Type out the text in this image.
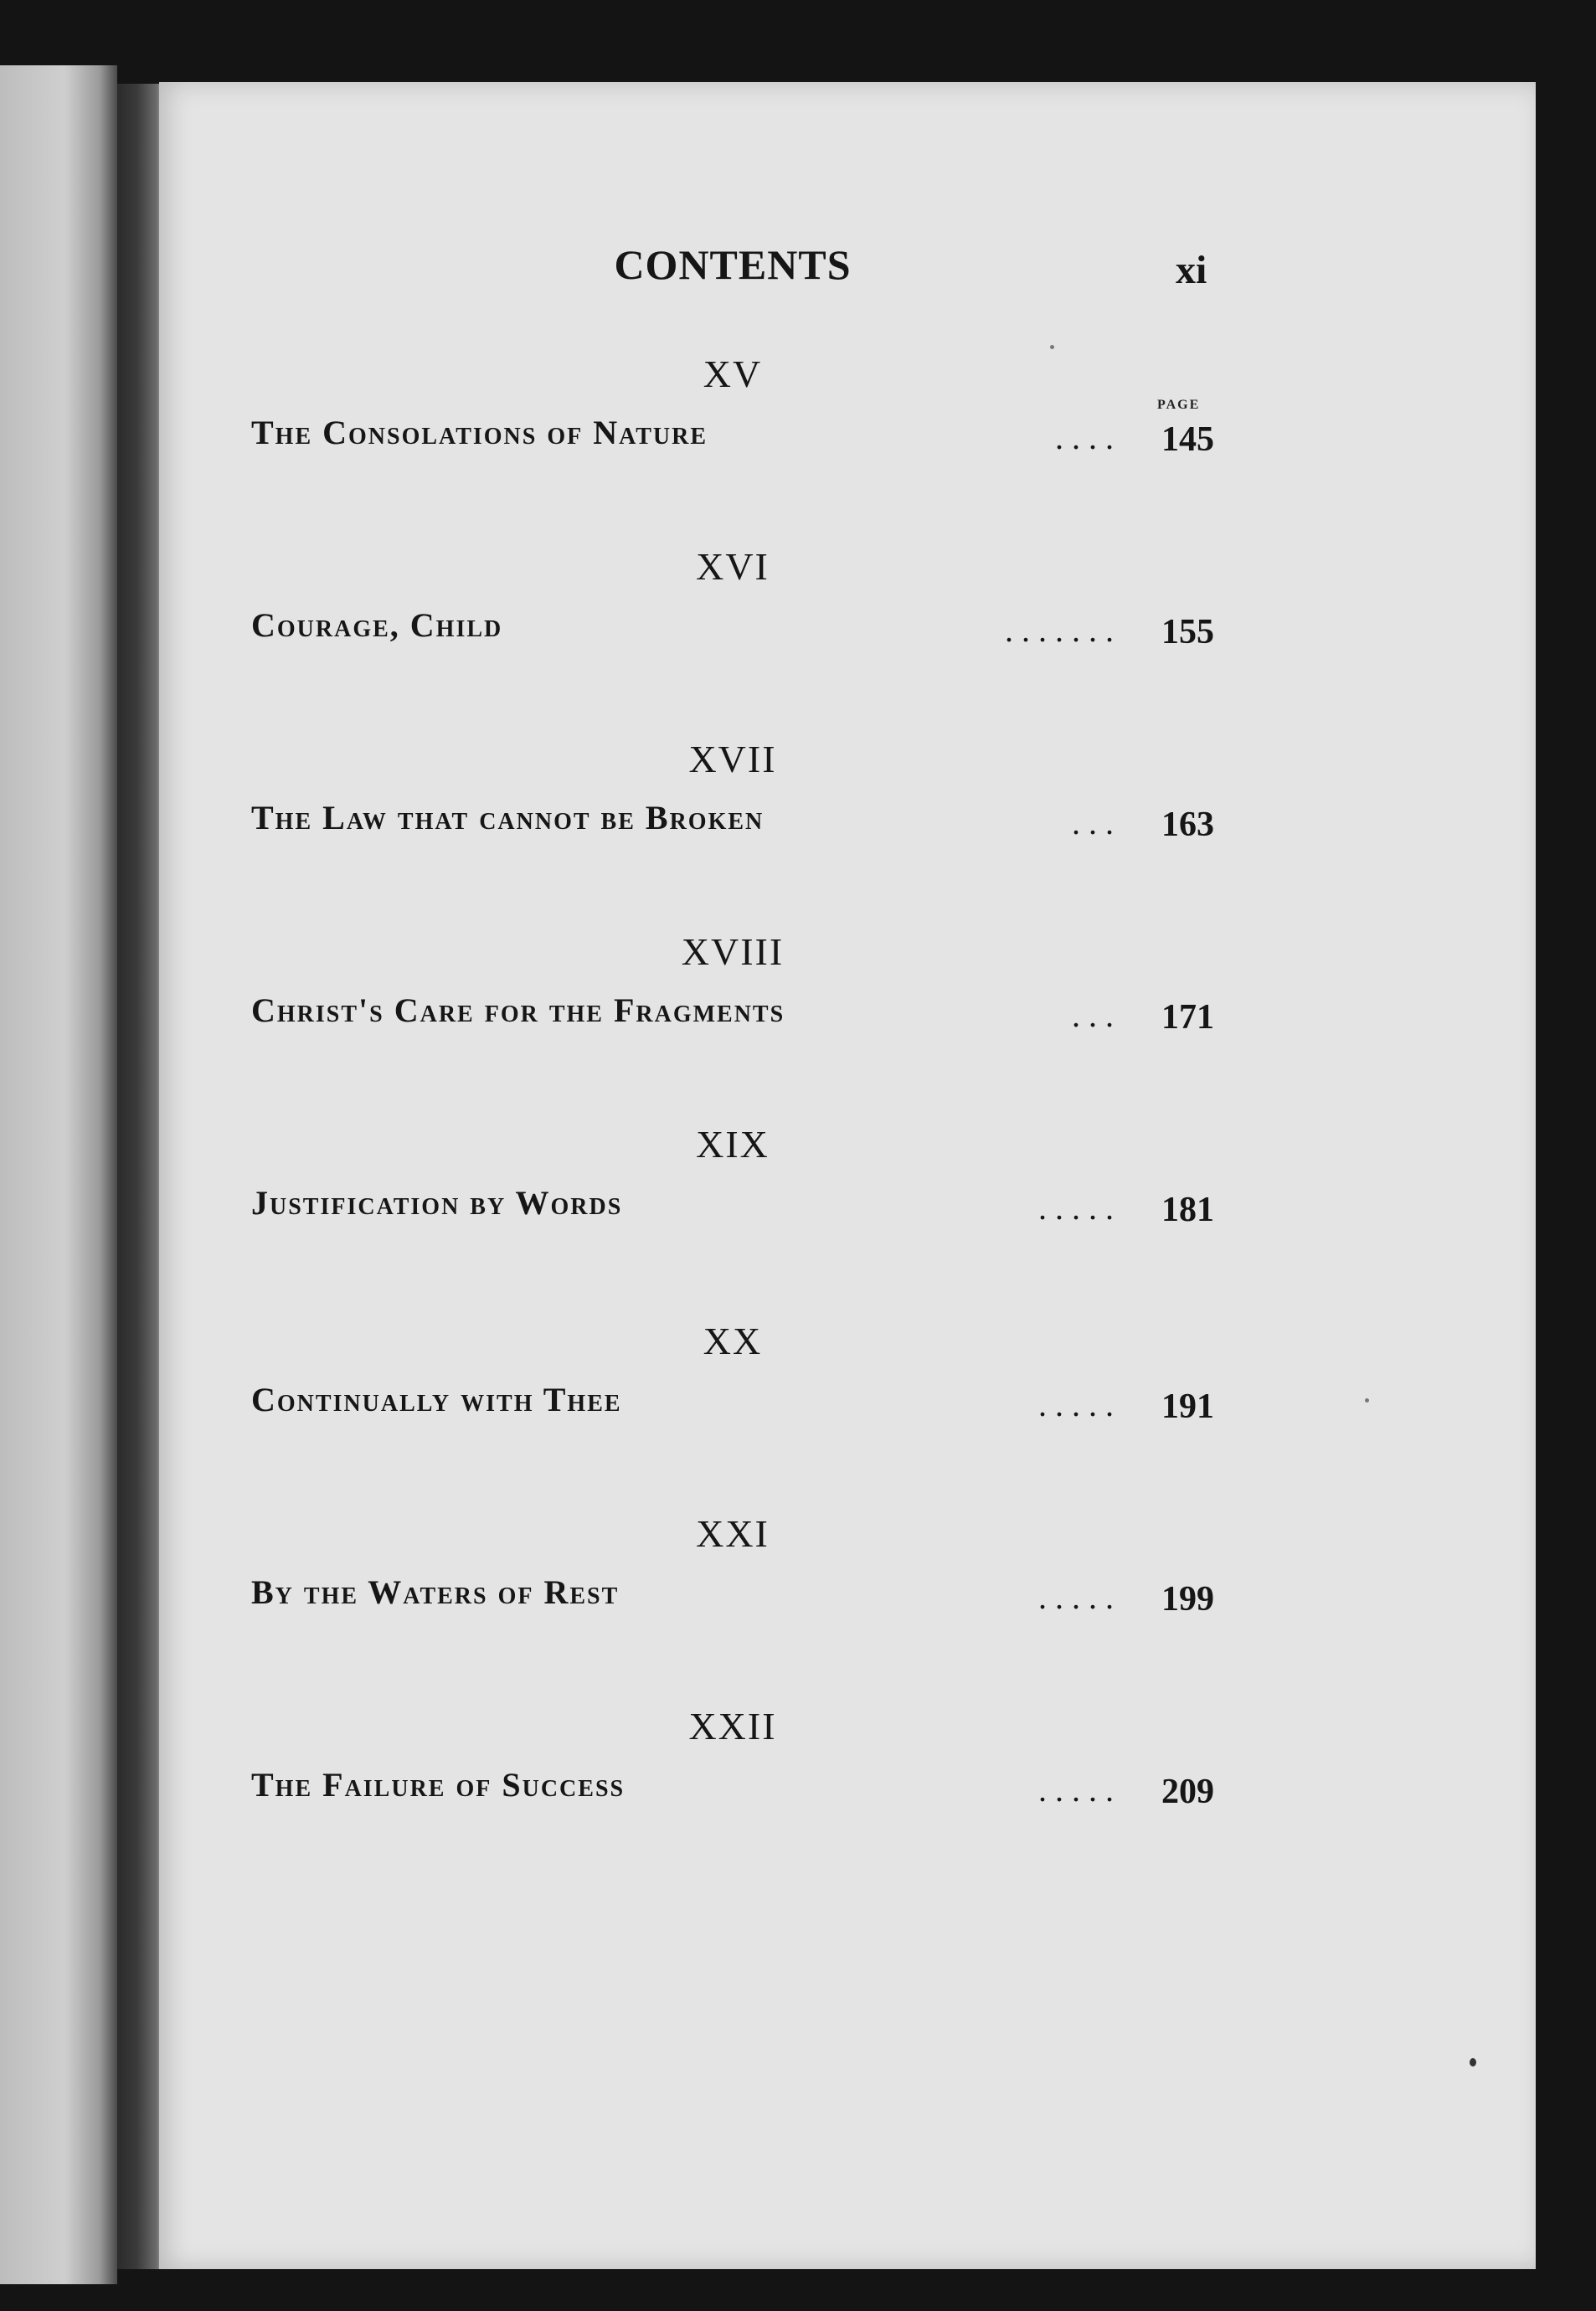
CONTENTS	xi
PAGE
XV
The Consolations of Nature	. . . . 145
XVI
Courage, Child	. . . . . . . 155
XVII
The Law that cannot be Broken	. . . 163
XVIII
Christ's Care for the Fragments	. . . 171
XIX
Justification by Words	. . . . . 181
XX
Continually with Thee	. . . . . 191
XXI
By the Waters of Rest	. . . . . 199
XXII
The Failure of Success	. . . . . 209
